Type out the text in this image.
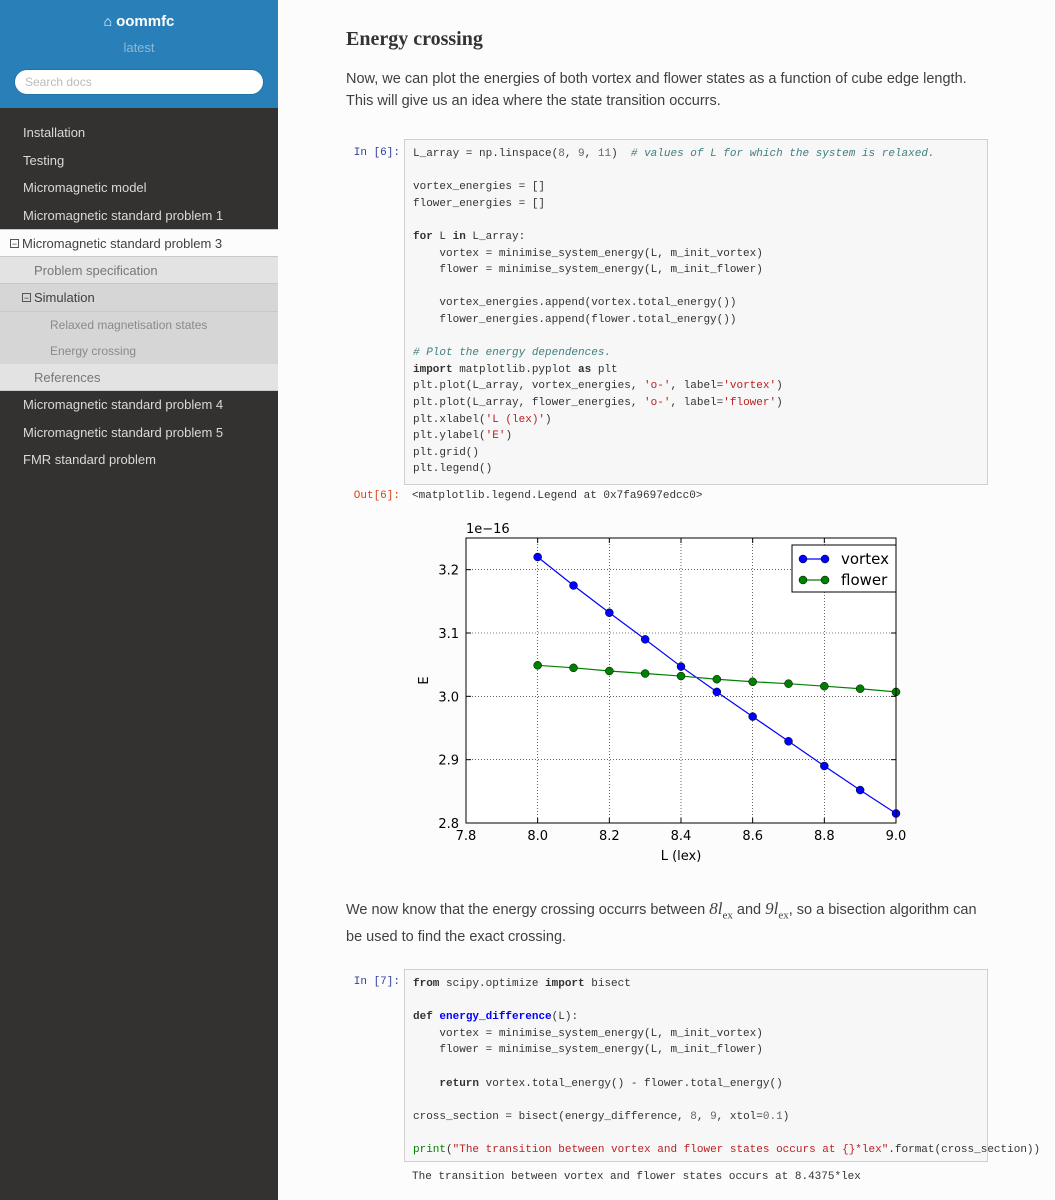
⌂ oommfc
latest
Search docs
Installation
Testing
Micromagnetic model
Micromagnetic standard problem 1
− Micromagnetic standard problem 3
Problem specification
− Simulation
Relaxed magnetisation states
Energy crossing
References
Micromagnetic standard problem 4
Micromagnetic standard problem 5
FMR standard problem
Energy crossing

Now, we can plot the energies of both vortex and flower states as a function of cube edge length. This will give us an idea where the state transition occurrs.

In [6]: L_array = np.linspace(8, 9, 11)  # values of L for which the system is relaxed.

vortex_energies = []
flower_energies = []

for L in L_array:
vortex = minimise_system_energy(L, m_init_vortex)
flower = minimise_system_energy(L, m_init_flower)

vortex_energies.append(vortex.total_energy())
flower_energies.append(flower.total_energy())

# Plot the energy dependences.
import matplotlib.pyplot as plt
plt.plot(L_array, vortex_energies, 'o-', label='vortex')
plt.plot(L_array, flower_energies, 'o-', label='flower')
plt.xlabel('L (lex)')
plt.ylabel('E')
plt.grid()
plt.legend()
Out[6]: <matplotlib.legend.Legend at 0x7fa9697edcc0>

We now know that the energy crossing occurrs between $8l_{ex}$ and $9l_{ex}$, so a bisection algorithm can be used to find the exact crossing.

In [7]: from scipy.optimize import bisect

def energy_difference(L):
vortex = minimise_system_energy(L, m_init_vortex)
flower = minimise_system_energy(L, m_init_flower)

return vortex.total_energy() - flower.total_energy()

cross_section = bisect(energy_difference, 8, 9, xtol=0.1)

print("The transition between vortex and flower states occurs at {}*lex".format(cross_section))
The transition between vortex and flower states occurs at 8.4375*lex
7.8	8.0	8.2	8.4	8.6	8.8	9.0
2.8
2.9
3.0
3.1
3.2
1e−16
L (lex)
E
vortex
flower
